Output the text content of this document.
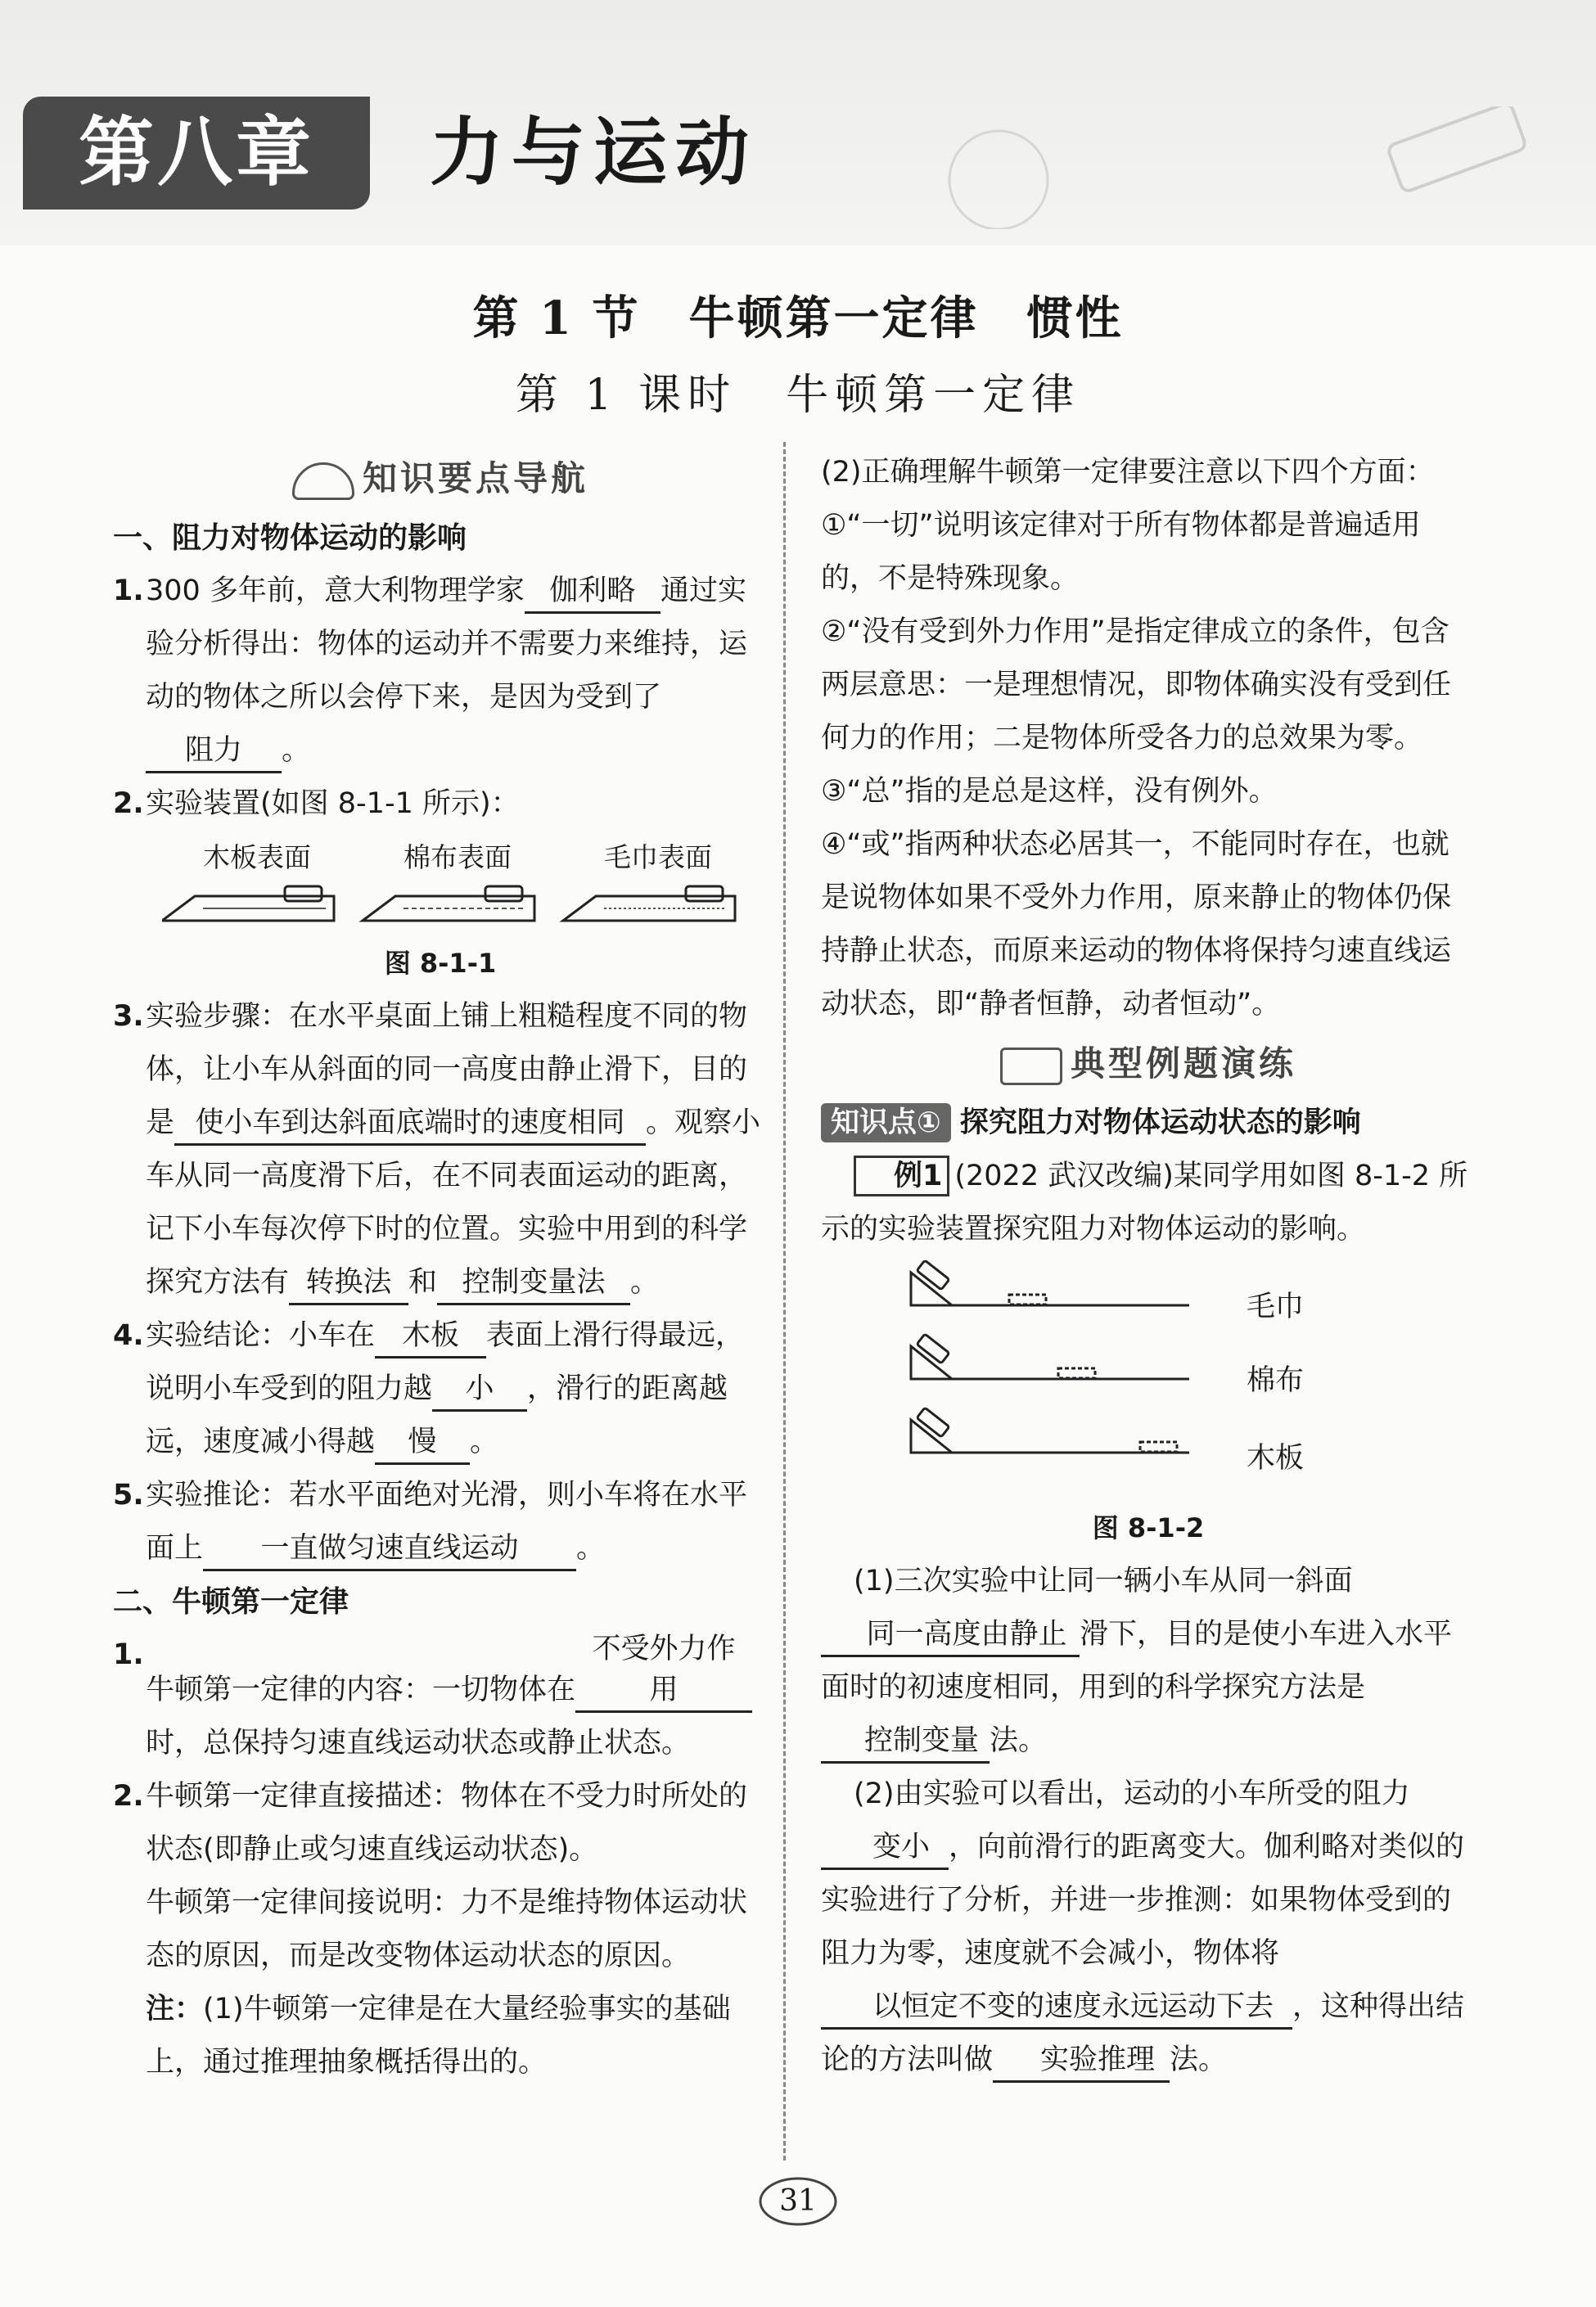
第八章	力与运动
第 1 节　牛顿第一定律　惯性
第 1 课时　牛顿第一定律
知识要点导航

一、阻力对物体运动的影响

1. 300 多年前，意大利物理学家 伽利略 通过实验分析得出：物体的运动并不需要力来维持，运动的物体之所以会停下来，是因为受到了阻力 。
2. 实验装置(如图 8-1-1 所示)：
木板表面	棉布表面	毛巾表面

图 8-1-1

3. 实验步骤：在水平桌面上铺上粗糙程度不同的物体，让小车从斜面的同一高度由静止滑下，目的是 使小车到达斜面底端时的速度相同 。观察小车从同一高度滑下后，在不同表面运动的距离，记下小车每次停下时的位置。实验中用到的科学探究方法有 转换法 和 控制变量法 。
4. 实验结论：小车在 木板 表面上滑行得最远，说明小车受到的阻力越 小 ，滑行的距离越远，速度减小得越 慢 。
5. 实验推论：若水平面绝对光滑，则小车将在水平面上 一直做匀速直线运动 。

二、牛顿第一定律

1.
牛顿第一定律的内容：一切物体在不受外力作用时，总保持匀速直线运动状态或静止状态。
2. 牛顿第一定律直接描述：物体在不受力时所处的状态(即静止或匀速直线运动状态)。
牛顿第一定律间接说明：力不是维持物体运动状态的原因，而是改变物体运动状态的原因。
注：(1)牛顿第一定律是在大量经验事实的基础上，通过推理抽象概括得出的。

(2)正确理解牛顿第一定律要注意以下四个方面：

①“一切”说明该定律对于所有物体都是普遍适用的，不是特殊现象。

②“没有受到外力作用”是指定律成立的条件，包含两层意思：一是理想情况，即物体确实没有受到任何力的作用；二是物体所受各力的总效果为零。

③“总”指的是总是这样，没有例外。

④“或”指两种状态必居其一，不能同时存在，也就是说物体如果不受外力作用，原来静止的物体仍保持静止状态，而原来运动的物体将保持匀速直线运动状态，即“静者恒静，动者恒动”。

典型例题演练

知识点① 探究阻力对物体运动状态的影响

例1 (2022 武汉改编)某同学用如图 8-1-2 所示的实验装置探究阻力对物体运动的影响。

毛巾
棉布
木板

图 8-1-2

(1)三次实验中让同一辆小车从同一斜面同一高度由静止 滑下，目的是使小车进入水平面时的初速度相同，用到的科学探究方法是控制变量 法。

(2)由实验可以看出，运动的小车所受的阻力变小 ，向前滑行的距离变大。伽利略对类似的实验进行了分析，并进一步推测：如果物体受到的阻力为零，速度就不会减小，物体将以恒定不变的速度永远运动下去 ，这种得出结论的方法叫做 实验推理 法。

31
